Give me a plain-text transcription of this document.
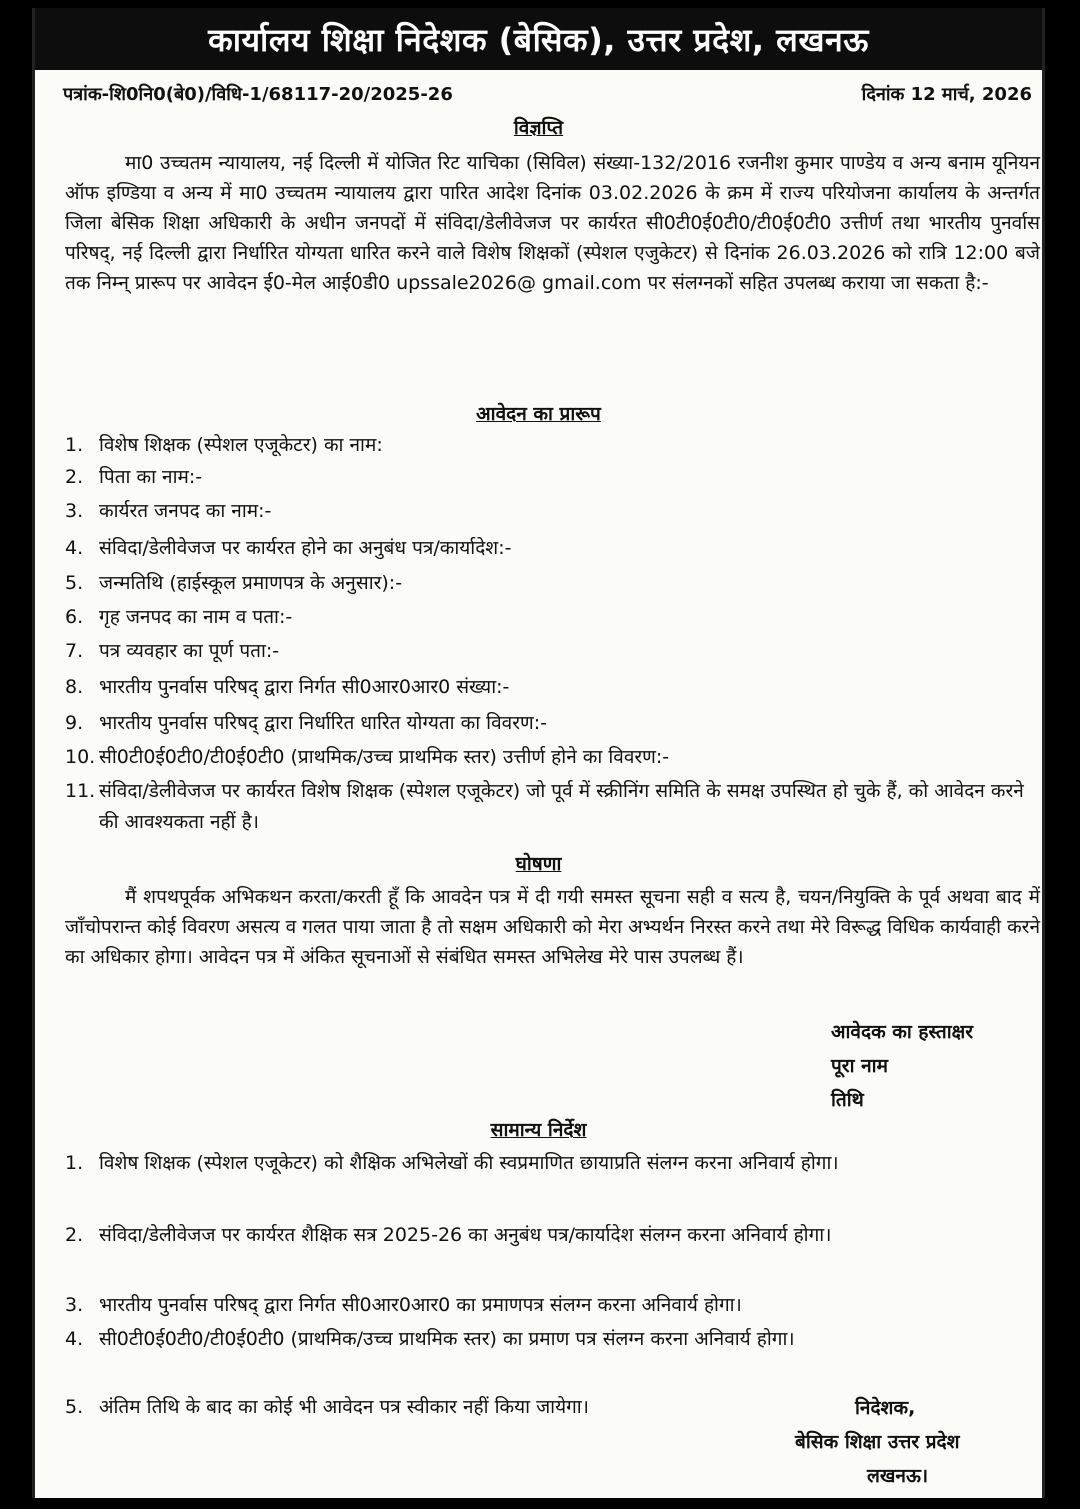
कार्यालय शिक्षा निदेशक (बेसिक), उत्तर प्रदेश, लखनऊ
पत्रांक-शि0नि0(बे0)/विधि-1/68117-20/2025-26	दिनांक 12 मार्च, 2026
विज्ञप्ति
मा0 उच्चतम न्यायालय, नई दिल्ली में योजित रिट याचिका (सिविल) संख्या-132/2016 रजनीश कुमार पाण्डेय व अन्य बनाम यूनियन ऑफ इण्डिया व अन्य में मा0 उच्चतम न्यायालय द्वारा पारित आदेश दिनांक 03.02.2026 के क्रम में राज्य परियोजना कार्यालय के अन्तर्गत जिला बेसिक शिक्षा अधिकारी के अधीन जनपदों में संविदा/डेलीवेजज पर कार्यरत सी0टी0ई0टी0/टी0ई0टी0 उत्तीर्ण तथा भारतीय पुनर्वास परिषद्, नई दिल्ली द्वारा निर्धारित योग्यता धारित करने वाले विशेष शिक्षकों (स्पेशल एजुकेटर) से दिनांक 26.03.2026 को रात्रि 12:00 बजे तक निम्न् प्रारूप पर आवेदन ई0-मेल आई0डी0 upssale2026@ gmail.com पर संलग्नकों सहित उपलब्ध कराया जा सकता है:-
आवेदन का प्रारूप
1. विशेष शिक्षक (स्पेशल एजूकेटर) का नाम:
2. पिता का नाम:-
3. कार्यरत जनपद का नाम:-
4. संविदा/डेलीवेजज पर कार्यरत होने का अनुबंध पत्र/कार्यादेश:-
5. जन्मतिथि (हाईस्कूल प्रमाणपत्र के अनुसार):-
6. गृह जनपद का नाम व पता:-
7. पत्र व्यवहार का पूर्ण पता:-
8. भारतीय पुनर्वास परिषद् द्वारा निर्गत सी0आर0आर0 संख्या:-
9. भारतीय पुनर्वास परिषद् द्वारा निर्धारित धारित योग्यता का विवरण:-
10. सी0टी0ई0टी0/टी0ई0टी0 (प्राथमिक/उच्च प्राथमिक स्तर) उत्तीर्ण होने का विवरण:-
11. संविदा/डेलीवेजज पर कार्यरत विशेष शिक्षक (स्पेशल एजूकेटर) जो पूर्व में स्क्रीनिंग समिति के समक्ष उपस्थित हो चुके हैं, को आवेदन करने की आवश्यकता नहीं है।
घोषणा
मैं शपथपूर्वक अभिकथन करता/करती हूँ कि आवदेन पत्र में दी गयी समस्त सूचना सही व सत्य है, चयन/नियुक्ति के पूर्व अथवा बाद में जाँचोपरान्त कोई विवरण असत्य व गलत पाया जाता है तो सक्षम अधिकारी को मेरा अभ्यर्थन निरस्त करने तथा मेरे विरूद्ध विधिक कार्यवाही करने का अधिकार होगा। आवेदन पत्र में अंकित सूचनाओं से संबंधित समस्त अभिलेख मेरे पास उपलब्ध हैं।
आवेदक का हस्ताक्षर
पूरा नाम
तिथि
सामान्य निर्देश
1. विशेष शिक्षक (स्पेशल एजूकेटर) को शैक्षिक अभिलेखों की स्वप्रमाणित छायाप्रति संलग्न करना अनिवार्य होगा।
2. संविदा/डेलीवेजज पर कार्यरत शैक्षिक सत्र 2025-26 का अनुबंध पत्र/कार्यादेश संलग्न करना अनिवार्य होगा।
3. भारतीय पुनर्वास परिषद् द्वारा निर्गत सी0आर0आर0 का प्रमाणपत्र संलग्न करना अनिवार्य होगा।
4. सी0टी0ई0टी0/टी0ई0टी0 (प्राथमिक/उच्च प्राथमिक स्तर) का प्रमाण पत्र संलग्न करना अनिवार्य होगा।
5. अंतिम तिथि के बाद का कोई भी आवेदन पत्र स्वीकार नहीं किया जायेगा।	निदेशक,
बेसिक शिक्षा उत्तर प्रदेश
लखनऊ।
